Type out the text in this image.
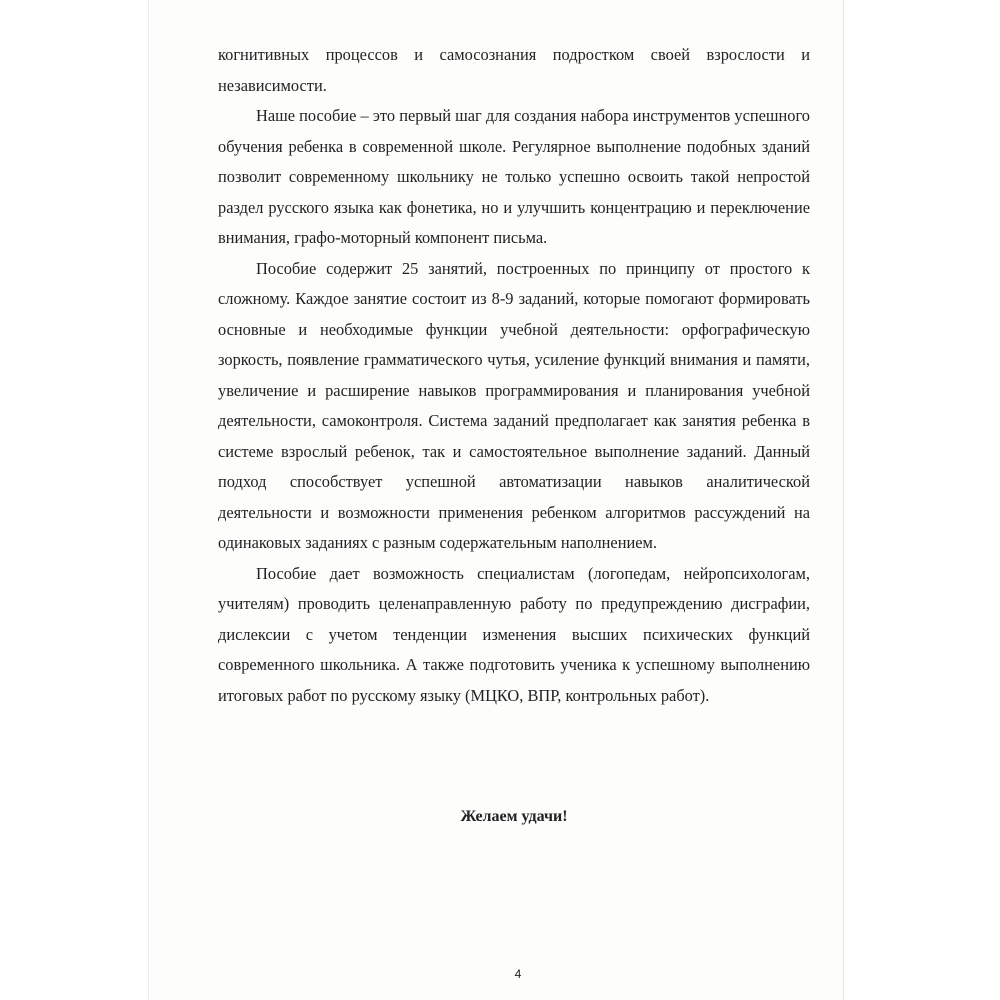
когнитивных процессов и самосознания подростком своей взрослости и независимости.

Наше пособие – это первый шаг для создания набора инструментов успешного обучения ребенка в современной школе. Регулярное выполнение подобных зданий позволит современному школьнику не только успешно освоить такой непростой раздел русского языка как фонетика, но и улучшить концентрацию и переключение внимания, графо-моторный компонент письма.

Пособие содержит 25 занятий, построенных по принципу от простого к сложному. Каждое занятие состоит из 8-9 заданий, которые помогают формировать основные и необходимые функции учебной деятельности: орфографическую зоркость, появление грамматического чутья, усиление функций внимания и памяти, увеличение и расширение навыков программирования и планирования учебной деятельности, самоконтроля. Система заданий предполагает как занятия ребенка в системе взрослый ребенок, так и самостоятельное выполнение заданий. Данный подход способствует успешной автоматизации навыков аналитической деятельности и возможности применения ребенком алгоритмов рассуждений на одинаковых заданиях с разным содержательным наполнением.

Пособие дает возможность специалистам (логопедам, нейропсихологам, учителям) проводить целенаправленную работу по предупреждению дисграфии, дислексии с учетом тенденции изменения высших психических функций современного школьника. А также подготовить ученика к успешному выполнению итоговых работ по русскому языку (МЦКО, ВПР, контрольных работ).

Желаем удачи!

4
